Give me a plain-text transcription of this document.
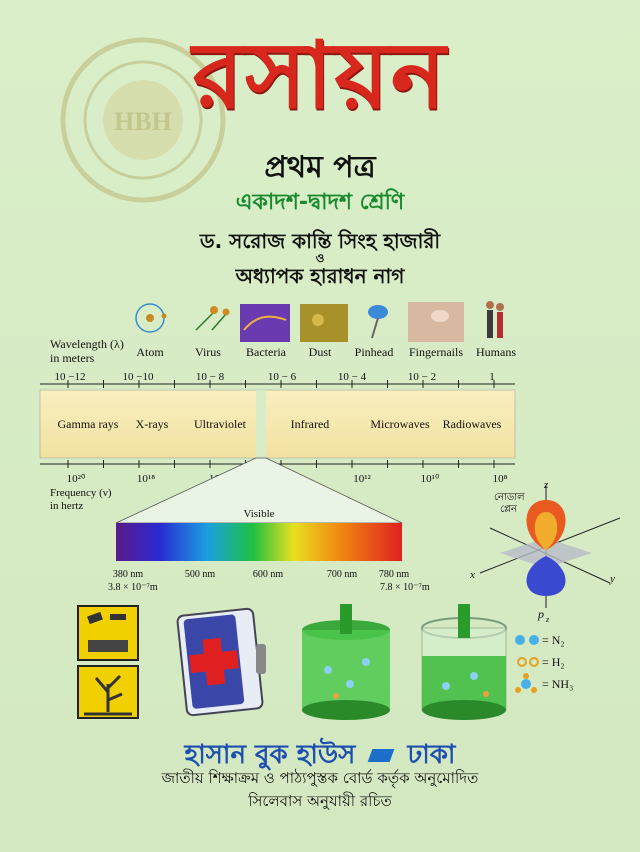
HBH রসায়ন
প্রথম পত্র
একাদশ-দ্বাদশ শ্রেণি
ড. সরোজ কান্তি সিংহ হাজারী
ও
অধ্যাপক হারাধন নাগ
Wavelength (λ)
in meters	Atom	Virus Bacteria Dust Pinhead Fingernails Humans
10 −12	10 −10	10 − 8	10 − 6	10 − 4	10 − 2	1
Gamma rays X-rays Ultraviolet	Infrared	Microwaves Radiowaves
10²⁰	10¹⁸	10¹²	10¹⁰	10⁸
Frequency (ν)
in hertz
Visible
380 nm	500 nm	600 nm	700 nm 780 nm
3.8 × 10⁻⁷m	7.8 × 10⁻⁷m
নোডাল
প্লেন
z
x	y
p z
= N₂
= H₂
= NH₃
হাসান বুক হাউস ঢাকা
জাতীয় শিক্ষাক্রম ও পাঠ্যপুস্তক বোর্ড কর্তৃক অনুমোদিত
সিলেবাস অনুযায়ী রচিত
